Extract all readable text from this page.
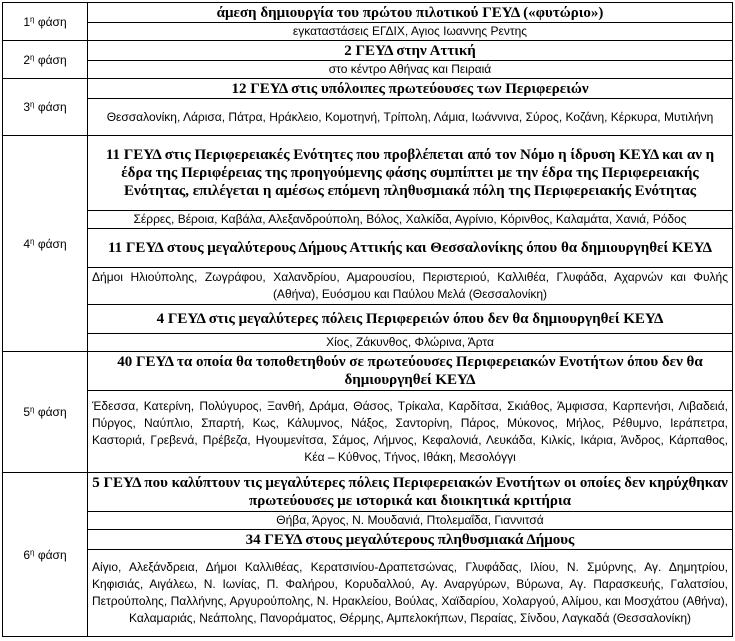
$1^\eta$ φάση	άμεση δημιουργία του πρώτου πιλοτικού ΓΕΥΔ («φυτώριο»)
	εγκαταστάσεις ΕΓΔΙΧ, Αγιος Ιωαννης Ρεντης
$2^\eta$ φάση	2 ΓΕΥΔ στην Αττική
	στο κέντρο Αθήνας και Πειραιά
$3^\eta$ φάση	12 ΓΕΥΔ στις υπόλοιπες πρωτεύουσες των Περιφερειών
	Θεσσαλονίκη, Λάρισα, Πάτρα, Ηράκλειο, Κομοτηνή, Τρίπολη, Λάμια, Ιωάννινα, Σύρος, Κοζάνη, Κέρκυρα, Μυτιλήνη
$4^\eta$ φάση	11 ΓΕΥΔ στις Περιφερειακές Ενότητες που προβλέπεται από τον Νόμο η ίδρυση ΚΕΥΔ και αν η έδρα της Περιφέρειας της προηγούμενης φάσης συμπίπτει με την έδρα της Περιφερειακής Ενότητας, επιλέγεται η αμέσως επόμενη πληθυσμιακά πόλη της Περιφερειακής Ενότητας
	Σέρρες, Βέροια, Καβάλα, Αλεξανδρούπολη, Βόλος, Χαλκίδα, Αγρίνιο, Κόρινθος, Καλαμάτα, Χανιά, Ρόδος
	11 ΓΕΥΔ στους μεγαλύτερους Δήμους Αττικής και Θεσσαλονίκης όπου θα δημιουργηθεί ΚΕΥΔ
	Δήμοι Ηλιούπολης, Ζωγράφου, Χαλανδρίου, Αμαρουσίου, Περιστεριού, Καλλιθέα, Γλυφάδα, Αχαρνών και Φυλής (Αθήνα), Ευόσμου και Παύλου Μελά (Θεσσαλονίκη)
	4 ΓΕΥΔ στις μεγαλύτερες πόλεις Περιφερειών όπου δεν θα δημιουργηθεί ΚΕΥΔ
	Χίος, Ζάκυνθος, Φλώρινα, Άρτα
$5^\eta$ φάση	40 ΓΕΥΔ τα οποία θα τοποθετηθούν σε πρωτεύουσες Περιφερειακών Ενοτήτων όπου δεν θα δημιουργηθεί ΚΕΥΔ
	Έδεσσα, Κατερίνη, Πολύγυρος, Ξανθή, Δράμα, Θάσος, Τρίκαλα, Καρδίτσα, Σκιάθος, Άμφισσα, Καρπενήσι, Λιβαδειά, Πύργος, Ναύπλιο, Σπαρτή, Κως, Κάλυμνος, Νάξος, Σαντορίνη, Πάρος, Μύκονος, Μήλος, Ρέθυμνο, Ιεράπετρα, Καστοριά, Γρεβενά, Πρέβεζα, Ηγουμενίτσα, Σάμος, Λήμνος, Κεφαλονιά, Λευκάδα, Κιλκίς, Ικάρια, Άνδρος, Κάρπαθος, Κέα – Κύθνος, Τήνος, Ιθάκη, Μεσολόγγι
$6^\eta$ φάση	5 ΓΕΥΔ που καλύπτουν τις μεγαλύτερες πόλεις Περιφερειακών Ενοτήτων οι οποίες δεν κηρύχθηκαν πρωτεύουσες με ιστορικά και διοικητικά κριτήρια
	Θήβα, Άργος, Ν. Μουδανιά, Πτολεμαΐδα, Γιαννιτσά
	34 ΓΕΥΔ στους μεγαλύτερους πληθυσμιακά Δήμους
	Αίγιο, Αλεξάνδρεια, Δήμοι Καλλιθέας, Κερατσινίου-Δραπετσώνας, Γλυφάδας, Ιλίου, Ν. Σμύρνης, Αγ. Δημητρίου, Κηφισιάς, Αιγάλεω, Ν. Ιωνίας, Π. Φαλήρου, Κορυδαλλού, Αγ. Αναργύρων, Βύρωνα, Αγ. Παρασκευής, Γαλατσίου, Πετρούπολης, Παλλήνης, Αργυρούπολης, Ν. Ηρακλείου, Βούλας, Χαϊδαρίου, Χολαργού, Αλίμου, και Μοσχάτου (Αθήνα), Καλαμαριάς, Νεάπολης, Πανοράματος, Θέρμης, Αμπελοκήπων, Περαίας, Σίνδου, Λαγκαδά (Θεσσαλονίκη)
